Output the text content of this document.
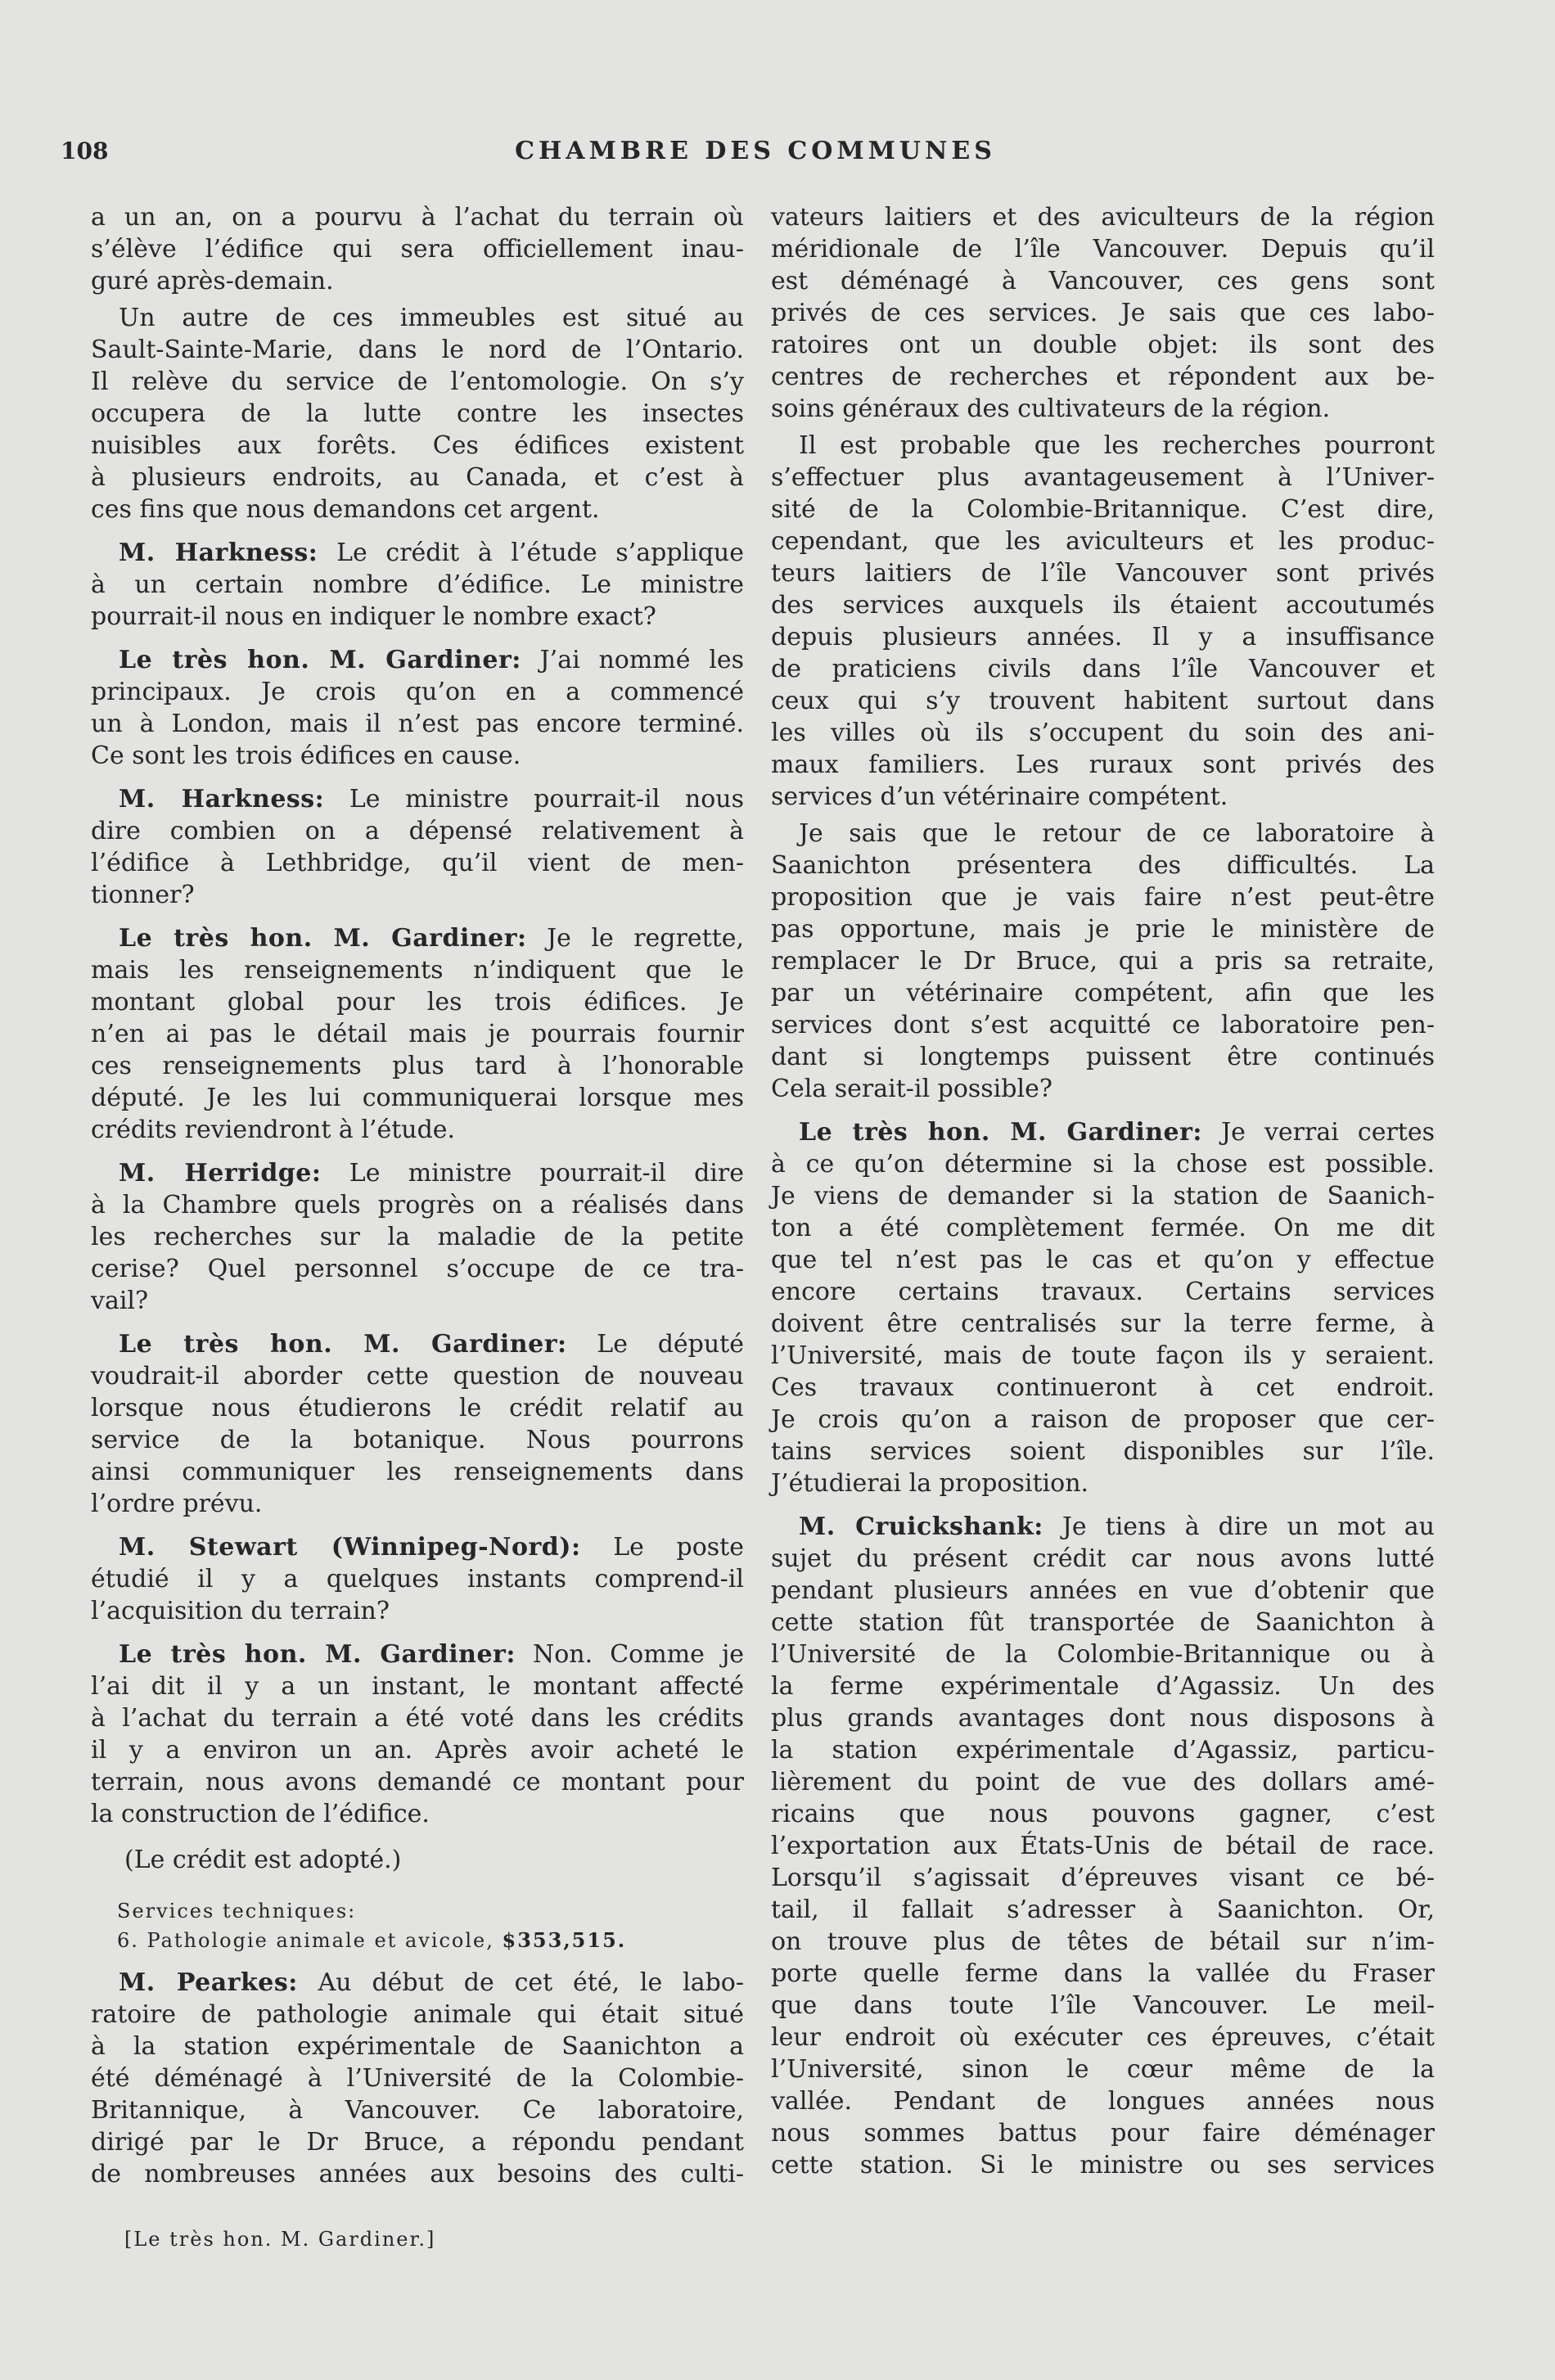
108	CHAMBRE DES COMMUNES
a un an, on a pourvu à l’achat du terrain où
s’élève l’édifice qui sera officiellement inau-
guré après-demain.
Un autre de ces immeubles est situé au
Sault-Sainte-Marie, dans le nord de l’Ontario.
Il relève du service de l’entomologie. On s’y
occupera de la lutte contre les insectes
nuisibles aux forêts. Ces édifices existent
à plusieurs endroits, au Canada, et c’est à
ces fins que nous demandons cet argent.
M. Harkness: Le crédit à l’étude s’applique
à un certain nombre d’édifice. Le ministre
pourrait-il nous en indiquer le nombre exact?
Le très hon. M. Gardiner: J’ai nommé les
principaux. Je crois qu’on en a commencé
un à London, mais il n’est pas encore terminé.
Ce sont les trois édifices en cause.
M. Harkness: Le ministre pourrait-il nous
dire combien on a dépensé relativement à
l’édifice à Lethbridge, qu’il vient de men-
tionner?
Le très hon. M. Gardiner: Je le regrette,
mais les renseignements n’indiquent que le
montant global pour les trois édifices. Je
n’en ai pas le détail mais je pourrais fournir
ces renseignements plus tard à l’honorable
député. Je les lui communiquerai lorsque mes
crédits reviendront à l’étude.
M. Herridge: Le ministre pourrait-il dire
à la Chambre quels progrès on a réalisés dans
les recherches sur la maladie de la petite
cerise? Quel personnel s’occupe de ce tra-
vail?
Le très hon. M. Gardiner: Le député
voudrait-il aborder cette question de nouveau
lorsque nous étudierons le crédit relatif au
service de la botanique. Nous pourrons
ainsi communiquer les renseignements dans
l’ordre prévu.
M. Stewart (Winnipeg-Nord): Le poste
étudié il y a quelques instants comprend-il
l’acquisition du terrain?
Le très hon. M. Gardiner: Non. Comme je
l’ai dit il y a un instant, le montant affecté
à l’achat du terrain a été voté dans les crédits
il y a environ un an. Après avoir acheté le
terrain, nous avons demandé ce montant pour
la construction de l’édifice.
(Le crédit est adopté.)
Services techniques:
6. Pathologie animale et avicole, $353,515.
M. Pearkes: Au début de cet été, le labo-
ratoire de pathologie animale qui était situé
à la station expérimentale de Saanichton a
été déménagé à l’Université de la Colombie-
Britannique, à Vancouver. Ce laboratoire,
dirigé par le Dr Bruce, a répondu pendant
de nombreuses années aux besoins des culti-
vateurs laitiers et des aviculteurs de la région
méridionale de l’île Vancouver. Depuis qu’il
est déménagé à Vancouver, ces gens sont
privés de ces services. Je sais que ces labo-
ratoires ont un double objet: ils sont des
centres de recherches et répondent aux be-
soins généraux des cultivateurs de la région.
Il est probable que les recherches pourront
s’effectuer plus avantageusement à l’Univer-
sité de la Colombie-Britannique. C’est dire,
cependant, que les aviculteurs et les produc-
teurs laitiers de l’île Vancouver sont privés
des services auxquels ils étaient accoutumés
depuis plusieurs années. Il y a insuffisance
de praticiens civils dans l’île Vancouver et
ceux qui s’y trouvent habitent surtout dans
les villes où ils s’occupent du soin des ani-
maux familiers. Les ruraux sont privés des
services d’un vétérinaire compétent.
Je sais que le retour de ce laboratoire à
Saanichton présentera des difficultés. La
proposition que je vais faire n’est peut-être
pas opportune, mais je prie le ministère de
remplacer le Dr Bruce, qui a pris sa retraite,
par un vétérinaire compétent, afin que les
services dont s’est acquitté ce laboratoire pen-
dant si longtemps puissent être continués
Cela serait-il possible?
Le très hon. M. Gardiner: Je verrai certes
à ce qu’on détermine si la chose est possible.
Je viens de demander si la station de Saanich-
ton a été complètement fermée. On me dit
que tel n’est pas le cas et qu’on y effectue
encore certains travaux. Certains services
doivent être centralisés sur la terre ferme, à
l’Université, mais de toute façon ils y seraient.
Ces travaux continueront à cet endroit.
Je crois qu’on a raison de proposer que cer-
tains services soient disponibles sur l’île.
J’étudierai la proposition.
M. Cruickshank: Je tiens à dire un mot au
sujet du présent crédit car nous avons lutté
pendant plusieurs années en vue d’obtenir que
cette station fût transportée de Saanichton à
l’Université de la Colombie-Britannique ou à
la ferme expérimentale d’Agassiz. Un des
plus grands avantages dont nous disposons à
la station expérimentale d’Agassiz, particu-
lièrement du point de vue des dollars amé-
ricains que nous pouvons gagner, c’est
l’exportation aux États-Unis de bétail de race.
Lorsqu’il s’agissait d’épreuves visant ce bé-
tail, il fallait s’adresser à Saanichton. Or,
on trouve plus de têtes de bétail sur n’im-
porte quelle ferme dans la vallée du Fraser
que dans toute l’île Vancouver. Le meil-
leur endroit où exécuter ces épreuves, c’était
l’Université, sinon le cœur même de la
vallée. Pendant de longues années nous
nous sommes battus pour faire déménager
cette station. Si le ministre ou ses services
[Le très hon. M. Gardiner.]
